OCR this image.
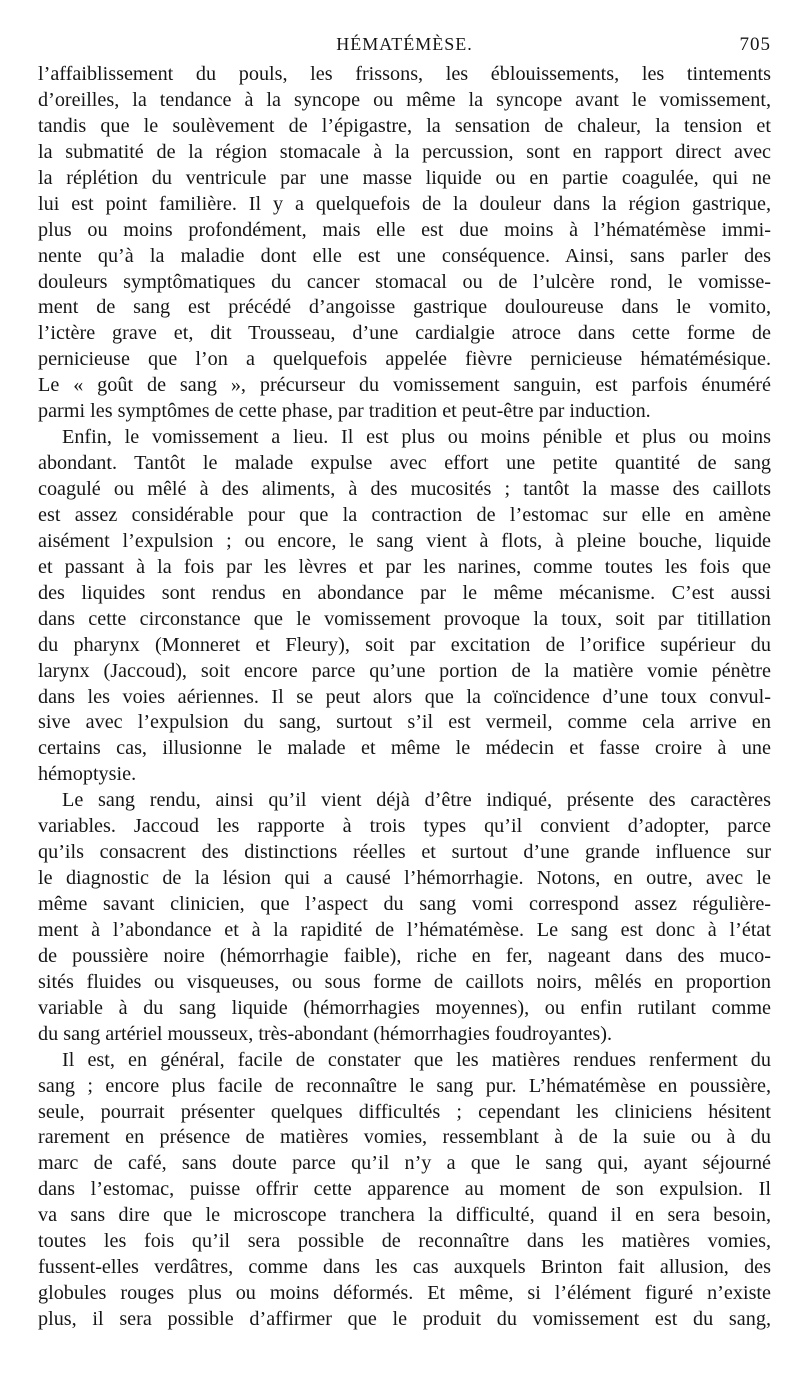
HÉMATÉMÈSE.	705
l’affaiblissement du pouls, les frissons, les éblouissements, les tintements
d’oreilles, la tendance à la syncope ou même la syncope avant le vomissement,
tandis que le soulèvement de l’épigastre, la sensation de chaleur, la tension et
la submatité de la région stomacale à la percussion, sont en rapport direct avec
la réplétion du ventricule par une masse liquide ou en partie coagulée, qui ne
lui est point familière. Il y a quelquefois de la douleur dans la région gastrique,
plus ou moins profondément, mais elle est due moins à l’hématémèse immi-
nente qu’à la maladie dont elle est une conséquence. Ainsi, sans parler des
douleurs symptômatiques du cancer stomacal ou de l’ulcère rond, le vomisse-
ment de sang est précédé d’angoisse gastrique douloureuse dans le vomito,
l’ictère grave et, dit Trousseau, d’une cardialgie atroce dans cette forme de
pernicieuse que l’on a quelquefois appelée fièvre pernicieuse hématémésique.
Le « goût de sang », précurseur du vomissement sanguin, est parfois énuméré
parmi les symptômes de cette phase, par tradition et peut-être par induction.
Enfin, le vomissement a lieu. Il est plus ou moins pénible et plus ou moins
abondant. Tantôt le malade expulse avec effort une petite quantité de sang
coagulé ou mêlé à des aliments, à des mucosités ; tantôt la masse des caillots
est assez considérable pour que la contraction de l’estomac sur elle en amène
aisément l’expulsion ; ou encore, le sang vient à flots, à pleine bouche, liquide
et passant à la fois par les lèvres et par les narines, comme toutes les fois que
des liquides sont rendus en abondance par le même mécanisme. C’est aussi
dans cette circonstance que le vomissement provoque la toux, soit par titillation
du pharynx (Monneret et Fleury), soit par excitation de l’orifice supérieur du
larynx (Jaccoud), soit encore parce qu’une portion de la matière vomie pénètre
dans les voies aériennes. Il se peut alors que la coïncidence d’une toux convul-
sive avec l’expulsion du sang, surtout s’il est vermeil, comme cela arrive en
certains cas, illusionne le malade et même le médecin et fasse croire à une
hémoptysie.
Le sang rendu, ainsi qu’il vient déjà d’être indiqué, présente des caractères
variables. Jaccoud les rapporte à trois types qu’il convient d’adopter, parce
qu’ils consacrent des distinctions réelles et surtout d’une grande influence sur
le diagnostic de la lésion qui a causé l’hémorrhagie. Notons, en outre, avec le
même savant clinicien, que l’aspect du sang vomi correspond assez régulière-
ment à l’abondance et à la rapidité de l’hématémèse. Le sang est donc à l’état
de poussière noire (hémorrhagie faible), riche en fer, nageant dans des muco-
sités fluides ou visqueuses, ou sous forme de caillots noirs, mêlés en proportion
variable à du sang liquide (hémorrhagies moyennes), ou enfin rutilant comme
du sang artériel mousseux, très-abondant (hémorrhagies foudroyantes).
Il est, en général, facile de constater que les matières rendues renferment du
sang ; encore plus facile de reconnaître le sang pur. L’hématémèse en poussière,
seule, pourrait présenter quelques difficultés ; cependant les cliniciens hésitent
rarement en présence de matières vomies, ressemblant à de la suie ou à du
marc de café, sans doute parce qu’il n’y a que le sang qui, ayant séjourné
dans l’estomac, puisse offrir cette apparence au moment de son expulsion. Il
va sans dire que le microscope tranchera la difficulté, quand il en sera besoin,
toutes les fois qu’il sera possible de reconnaître dans les matières vomies,
fussent-elles verdâtres, comme dans les cas auxquels Brinton fait allusion, des
globules rouges plus ou moins déformés. Et même, si l’élément figuré n’existe
plus, il sera possible d’affirmer que le produit du vomissement est du sang,
